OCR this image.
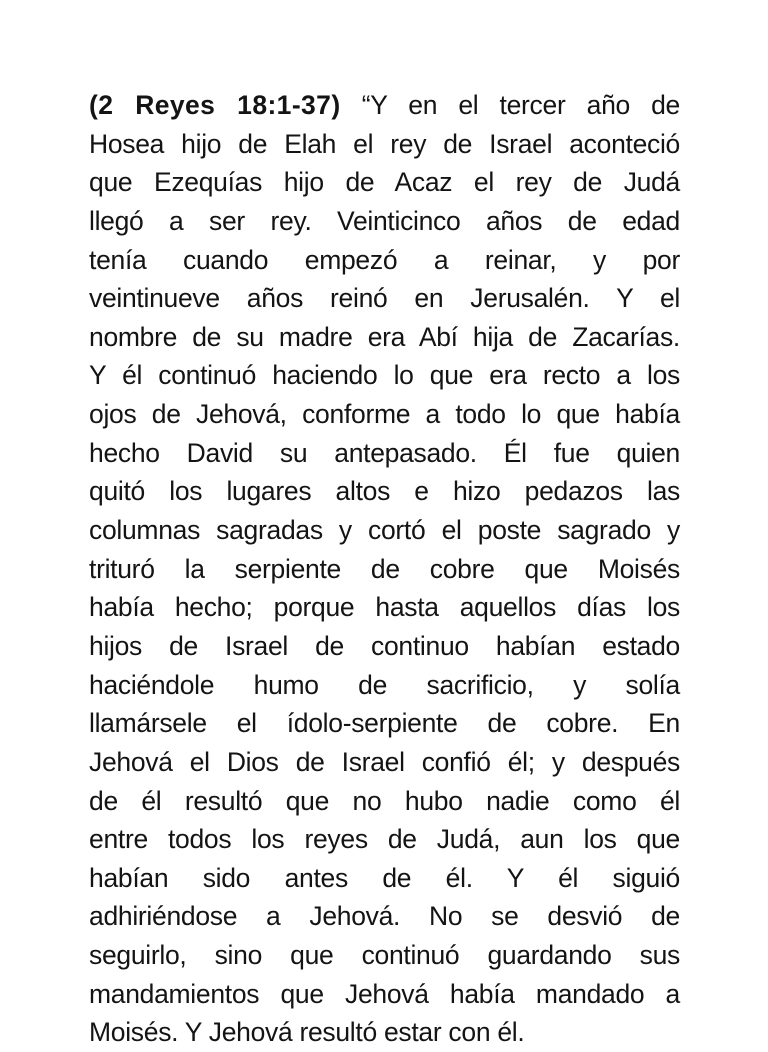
(2 Reyes 18:1-37) “Y en el tercer año de
Hosea hijo de Elah el rey de Israel aconteció
que Ezequías hijo de Acaz el rey de Judá
llegó a ser rey. Veinticinco años de edad
tenía cuando empezó a reinar, y por
veintinueve años reinó en Jerusalén. Y el
nombre de su madre era Abí hija de Zacarías.
Y él continuó haciendo lo que era recto a los
ojos de Jehová, conforme a todo lo que había
hecho David su antepasado. Él fue quien
quitó los lugares altos e hizo pedazos las
columnas sagradas y cortó el poste sagrado y
trituró la serpiente de cobre que Moisés
había hecho; porque hasta aquellos días los
hijos de Israel de continuo habían estado
haciéndole humo de sacrificio, y solía
llamársele el ídolo-serpiente de cobre. En
Jehová el Dios de Israel confió él; y después
de él resultó que no hubo nadie como él
entre todos los reyes de Judá, aun los que
habían sido antes de él. Y él siguió
adhiriéndose a Jehová. No se desvió de
seguirlo, sino que continuó guardando sus
mandamientos que Jehová había mandado a
Moisés. Y Jehová resultó estar con él.
